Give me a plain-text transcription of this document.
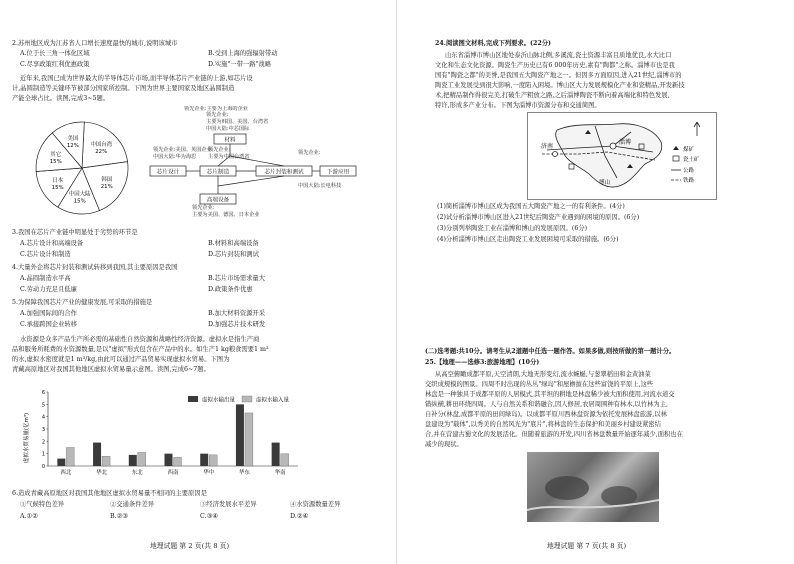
2.苏州地区成为江苏省人口增长速度最快的城市,说明该城市
A.位于长三角一体化区域	B.受到上海的强辐射带动
C.尽享政策红利优惠政策	D.实施"一带一路"战略
近年来,我国已成为世界最大的半导体芯片市场,而半导体芯片产业链的上游,如芯片设
计,晶圆制造等关键环节被部分国家所控制。下图为世界主要国家及地区晶圆制造
产能全球占比。读图,完成3~5题。
中国台湾
22%
韩国
21%
中国大陆
15%
日本
15%
其它
15%
美国
12%
领先企业:
主要为韩国、美国、台湾省
中国大陆:中芯国际
领先企业:主要为上海的企业
领先企业:美国、英国企业
中国大陆:华为海思
领先企业:
主要为中国台湾省
领先企业:
中国大陆:长电科技
领先企业:
主要为美国、德国、日本企业
材料
芯片设计	芯片制造	芯片封装和测试	下游应用
高端设备
3.我国在芯片产业链中明显处于劣势的环节是
A.芯片设计和高端设备	B.材料和高端设备
C.芯片设计和制造	D.芯片封装和测试
4.大量外企将芯片封装和测试转移到我国,其主要原因是我国
A.晶圆制造水平高	B.芯片市场需求量大
C.劳动力充足且低廉	D.政策条件优惠
5.为保障我国芯片产业的健康发展,可采取的措施是
A.加强国际间的合作	B.加大材料资源开采
C.承接跨国企业转移	D.加强芯片技术研发
水资源是众多产品生产所必需的基础性自然资源和战略性经济资源。虚拟水是指生产商
品和服务所耗费的水资源数量,是以"虚拟"形式包含在产品中的水。如生产1 kg粮食需要1 m³
的水,虚拟水密度就是1 m³/kg,由此可以通过产品贸易实现虚拟水贸易。下图为
青藏高原地区对我国其他地区虚拟水贸易量示意图。读图,完成6~7题。
虚拟水贸易量(亿m³)
0
1
2
3
4
5
6
西北	华北	东北	西南	华中	华东	华南
虚拟水输出量	虚拟水输入量
6.造成青藏高原地区对我国其他地区虚拟水贸易量不相同的主要原因是
①气候特色差异	②交通条件差异	③经济发展水平差异	④水资源数量差异
A.①②	B.②③	C.③④	D.②④
地理试题 第 2 页(共 8 页)
24.阅读图文材料,完成下列要求。(22分)
山东省淄博市博山区地处泰沂山脉北侧,多溪流,瓷土资源丰富且质地优良,水大比口
文化和生态文化资源。陶瓷生产历史已有6 000年历史,素有"陶都"之称。淄博市也是我
国有"陶瓷之都"的美誉,是我国五大陶瓷产地之一。但因多方面原因,进入21世纪,淄博市的
陶瓷工业发展受到很大影响,一度陷入困境。博山区大力发展规模化产业和瓷精品,开发新技
术,把精品制作得很完美,打破生产粗放之路,之后淄博陶瓷不断向着高端化和特色发展,
特许,形成多产业分布。下图为淄博市资源分布和交通简图。
淄博
济南
博山
煤矿
瓷土矿
公路
铁路
(1)简析淄博市博山区成为我国五大陶瓷产地之一的有利条件。(4分)
(2)试分析淄博市博山区进入21世纪后陶瓷产业遇到的困境的原因。(6分)
(3)分别列举陶瓷工业在淄博和博山的发展原因。(6分)
(4)分析淄博市博山区走出陶瓷工业发展困境可采取的措施。(6分)
(二)选考题:共10分。请考生从2道题中任选一题作答。如果多做,则按所做的第一题计分。
25.【地理——选修3:旅游地理】(10分)
从高空俯瞰成都平原,天空清朗,大地无形变幻,流水蜿蜒,与葱翠稻田和金黄油菜
交织成规模的图景。四周不时出现的丛丛"绿岛"和屋檐拔在这些富饶的平原上,这些
林盘是一种独具于成都平原的人居模式,其平坦的耕地是林盘稀少被大面积使用,河流水道交
错纵横,耕田环绕四周。人与自然关系和谐融合,因人修居,农居周围种有林木,以竹林为主,
自补分(林盘,成都平原的田间绿岛)。以成都平原川西林盘资源为依托发展林盘旅游,以林
盘建设为"载体",以秀美的自然风光为"底片",将林盘的生态保护和美丽乡村建设紧密结
合,并在营建古蜀文化的发展活化。但随着旅游的开发,四川省林盘数量开始逐年减少,面积也在
减少的现状。
地理试题 第 7 页(共 8 页)
